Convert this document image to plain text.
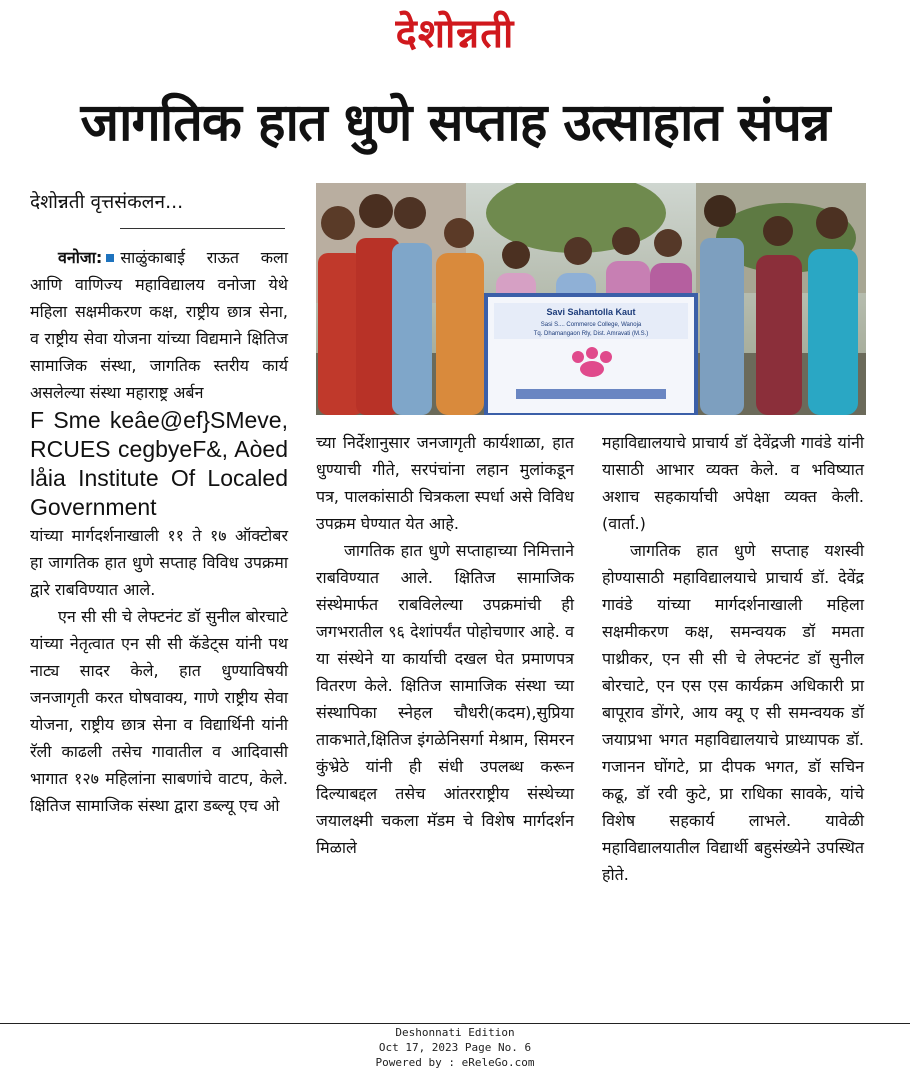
देशोन्नती
जागतिक हात धुणे सप्ताह उत्साहात संपन्न
देशोन्नती वृत्तसंकलन...
Savi Sahantolla Kaut
Sasi S.... Commerce College, Wanoja
Tq. Dhamangaon Rly, Dist. Amravati (M.S.)

वनोजा: साळुंकाबाई राऊत कला आणि वाणिज्य महाविद्यालय वनोजा येथे महिला सक्षमीकरण कक्ष, राष्ट्रीय छात्र सेना, व राष्ट्रीय सेवा योजना यांच्या विद्यमाने क्षितिज सामाजिक संस्था, जागतिक स्तरीय कार्य असलेल्या संस्था महाराष्ट्र अर्बन

F Sme keâe@ef}SMeve, RCUES cegbyeF&, Aòed låia Institute Of Localed Government

यांच्या मार्गदर्शनाखाली ११ ते १७ ऑक्टोबर हा जागतिक हात धुणे सप्ताह विविध उपक्रमा द्वारे राबविण्यात आले.

एन सी सी चे लेफ्टनंट डॉ सुनील बोरचाटे यांच्या नेतृत्वात एन सी सी कॅडेट्स यांनी पथ नाट्य सादर केले, हात धुण्याविषयी जनजागृती करत घोषवाक्य, गाणे राष्ट्रीय सेवा योजना, राष्ट्रीय छात्र सेना व विद्यार्थिनी यांनी रॅली काढली तसेच गावातील व आदिवासी भागात १२७ महिलांना साबणांचे वाटप, केले. क्षितिज सामाजिक संस्था द्वारा डब्ल्यू एच ओ

च्या निर्देशानुसार जनजागृती कार्यशाळा, हात धुण्याची गीते, सरपंचांना लहान मुलांकडून पत्र, पालकांसाठी चित्रकला स्पर्धा असे विविध उपक्रम घेण्यात येत आहे.

जागतिक हात धुणे सप्ताहाच्या निमित्ताने राबविण्यात आले. क्षितिज सामाजिक संस्थेमार्फत राबविलेल्या उपक्रमांची ही जगभरातील ९६ देशांपर्यंत पोहोचणार आहे. व या संस्थेने या कार्याची दखल घेत प्रमाणपत्र वितरण केले. क्षितिज सामाजिक संस्था च्या संस्थापिका स्नेहल चौधरी(कदम),सुप्रिया ताकभाते,क्षितिज इंगळेनिसर्गा मेश्राम, सिमरन कुंभ्रेठे यांनी ही संधी उपलब्ध करून दिल्याबद्दल तसेच आंतरराष्ट्रीय संस्थेच्या जयालक्ष्मी चकला मॅडम चे विशेष मार्गदर्शन मिळाले

महाविद्यालयाचे प्राचार्य डॉ देवेंद्रजी गावंडे यांनी यासाठी आभार व्यक्त केले. व भविष्यात अशाच सहकार्याची अपेक्षा व्यक्त केली.(वार्ता.)

जागतिक हात धुणे सप्ताह यशस्वी होण्यासाठी महाविद्यालयाचे प्राचार्य डॉ. देवेंद्र गावंडे यांच्या मार्गदर्शनाखाली महिला सक्षमीकरण कक्ष, समन्वयक डॉ ममता पाथ्रीकर, एन सी सी चे लेफ्टनंट डॉ सुनील बोरचाटे, एन एस एस कार्यक्रम अधिकारी प्रा बापूराव डोंगरे, आय क्यू ए सी समन्वयक डॉ जयाप्रभा भगत महाविद्यालयाचे प्राध्यापक डॉ. गजानन घोंगटे, प्रा दीपक भगत, डॉ सचिन कढू, डॉ रवी कुटे, प्रा राधिका सावके, यांचे विशेष सहकार्य लाभले. यावेळी महाविद्यालयातील विद्यार्थी बहुसंख्येने उपस्थित होते.

Deshonnati Edition
Oct 17, 2023 Page No. 6
Powered by : eReleGo.com
